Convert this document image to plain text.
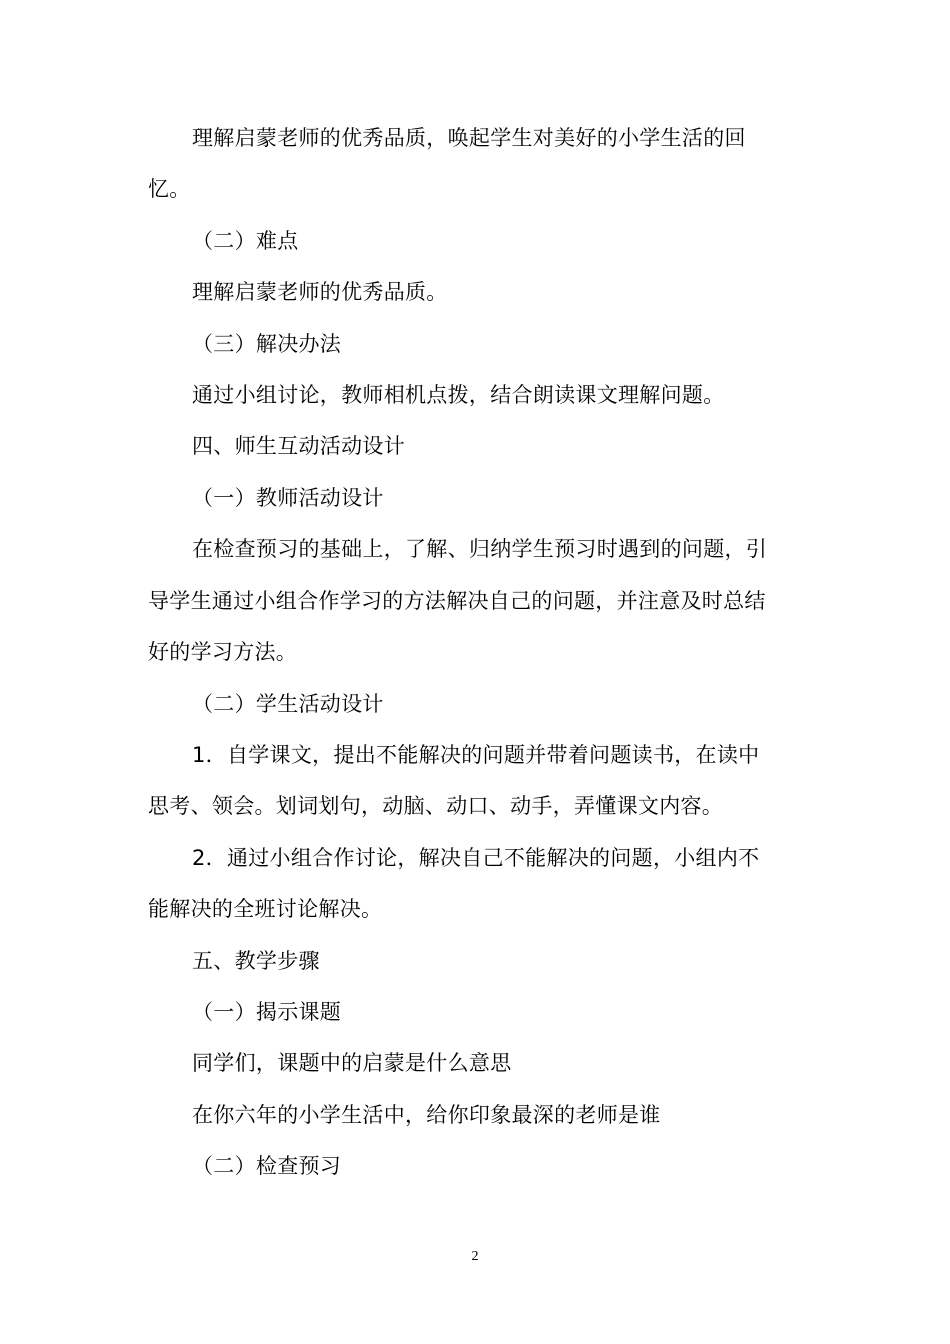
理解启蒙老师的优秀品质，唤起学生对美好的小学生活的回
忆。
（二）难点
理解启蒙老师的优秀品质。
（三）解决办法
通过小组讨论，教师相机点拨，结合朗读课文理解问题。
四、师生互动活动设计
（一）教师活动设计
在检查预习的基础上，了解、归纳学生预习时遇到的问题，引
导学生通过小组合作学习的方法解决自己的问题，并注意及时总结
好的学习方法。
（二）学生活动设计
1．自学课文，提出不能解决的问题并带着问题读书，在读中
思考、领会。划词划句，动脑、动口、动手，弄懂课文内容。
2．通过小组合作讨论，解决自己不能解决的问题，小组内不
能解决的全班讨论解决。
五、教学步骤
（一）揭示课题
同学们，课题中的启蒙是什么意思
在你六年的小学生活中，给你印象最深的老师是谁
（二）检查预习
2
